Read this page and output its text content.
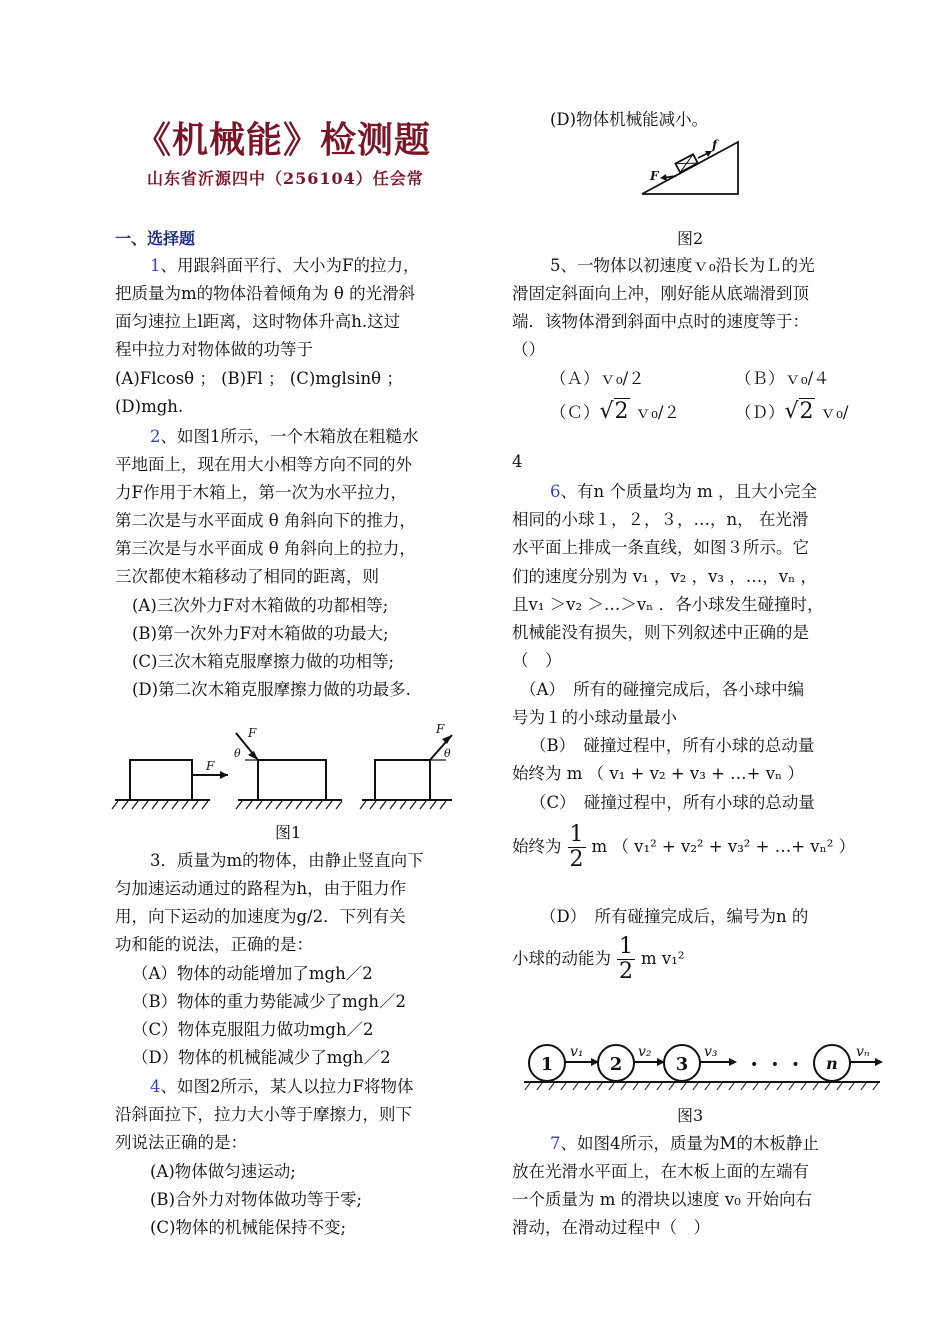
《机械能》检测题
山东省沂源四中（256104）任会常
一、选择题
1、用跟斜面平行、大小为F的拉力，
把质量为m的物体沿着倾角为 θ 的光滑斜
面匀速拉上l距离，这时物体升高h.这过
程中拉力对物体做的功等于
(A)Flcosθ ； (B)Fl ； (C)mglsinθ ；
(D)mgh.
2、如图1所示，一个木箱放在粗糙水
平地面上，现在用大小相等方向不同的外
力F作用于木箱上，第一次为水平拉力，
第二次是与水平面成 θ 角斜向下的推力，
第三次是与水平面成 θ 角斜向上的拉力，
三次都使木箱移动了相同的距离，则
(A)三次外力F对木箱做的功都相等;
(B)第一次外力F对木箱做的功最大;
(C)三次木箱克服摩擦力做的功相等;
(D)第二次木箱克服摩擦力做的功最多.
F
F
θ
F
θ
图1
3．质量为m的物体，由静止竖直向下
匀加速运动通过的路程为h，由于阻力作
用，向下运动的加速度为g/2．下列有关
功和能的说法，正确的是：
（A）物体的动能增加了mgh／2
（B）物体的重力势能减少了mgh／2
（C）物体克服阻力做功mgh／2
（D）物体的机械能减少了mgh／2
4、如图2所示，某人以拉力F将物体
沿斜面拉下，拉力大小等于摩擦力，则下
列说法正确的是：
(A)物体做匀速运动;
(B)合外力对物体做功等于零;
(C)物体的机械能保持不变;
(D)物体机械能减小。
F
f
图2
5、一物体以初速度ｖ₀沿长为Ｌ的光
滑固定斜面向上冲，刚好能从底端滑到顶
端．该物体滑到斜面中点时的速度等于：
（）
（Ａ）ｖ₀/２	（Ｂ）ｖ₀/４
（Ｃ）√2 ｖ₀/２	（Ｄ）√2 ｖ₀/
4
6、有n 个质量均为 m ，且大小完全
相同的小球１，２，３，…，n， 在光滑
水平面上排成一条直线，如图３所示。它
们的速度分别为 v₁ ，v₂ ，v₃ ，…，vₙ ，
且v₁ ＞v₂ ＞…＞vₙ ．各小球发生碰撞时，
机械能没有损失，则下列叙述中正确的是
（　）
（A）　所有的碰撞完成后，各小球中编
号为１的小球动量最小
（B）　碰撞过程中，所有小球的总动量
始终为 m （ v₁ + v₂ + v₃ + …+ vₙ ）
（C）　碰撞过程中，所有小球的总动量
始终为 $\frac{1}{2}$ m （ v₁² + v₂² + v₃² + …+ vₙ² ）
（D）　所有碰撞完成后，编号为n 的
小球的动能为 $\frac{1}{2}$ m v₁²
1	2	3	n
v₁	v₂	v₃	vₙ
• • •
图3
7、如图4所示，质量为M的木板静止
放在光滑水平面上，在木板上面的左端有
一个质量为 m 的滑块以速度 v₀ 开始向右
滑动，在滑动过程中（　）
